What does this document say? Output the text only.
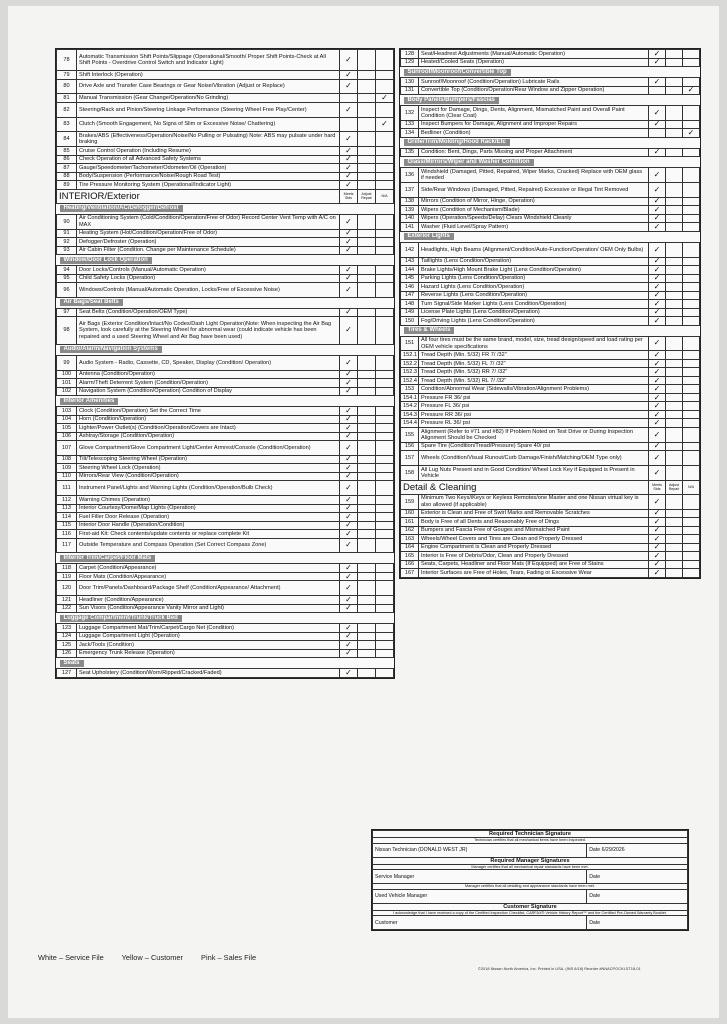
78	Automatic Transmission Shift Points/Slippage (Operational/Smooth/ Proper Shift Points-Check at All Shift Points - Overdrive Control Switch and Indicator Light)	✓		
79	Shift Interlock (Operation)	✓		
80	Drive Axle and Transfer Case Bearings or Gear Noise/Vibration (Adjust or Replace)	✓		
81	Manual Transmission (Gear Change/Operation/No Grinding)			✓
82	Steering/Rack and Pinion/Steering Linkage Performance (Steering Wheel Free Play/Center)	✓		
83	Clutch (Smooth Engagement, No Signs of Slim or Excessive Noise/ Chattering)			✓
84	Brakes/ABS (Effectiveness/Operation/Noise/No Pulling or Pulsating) Note: ABS may pulsate under hard braking	✓		
85	Cruise Control Operation (Including Resume)	✓		
86	Check Operation of all Advanced Safety Systems	✓		
87	Gauge/Speedometer/Tachometer/Odometer/Oil (Operation)	✓		
88	Body/Suspension (Performance/Noise/Rough Road Test)	✓		
89	Tire Pressure Monitoring System (Operational/Indicator Light)	✓		
INTERIOR/Exterior		Meets Stds	Adjust Repair	N/A
Heating/Ventilation/AC/Defogger/Defrost				
90	Air Conditioning System (Cold/Condition/Operation/Free of Odor) Record Center Vent Temp with A/C on MAX	✓		
91	Heating System (Hot/Condition/Operation/Free of Odor)	✓		
92	Defogger/Defroster (Operation)	✓		
93	Air Cabin Filter (Condition. Change per Maintenance Schedule)	✓		
Window/Door Lock Operation				
94	Door Locks/Controls (Manual/Automatic Operation)	✓		
95	Child Safety Locks (Operation)	✓		
96	Windows/Controls (Manual/Automatic Operation, Locks/Free of Excessive Noise)	✓		
Air Bags/Seat Belts				
97	Seat Belts (Condition/Operation/OEM Type)	✓		
98	Air Bags (Exterior Condition/Intact/No Codes/Dash Light Operation)Note: When inspecting the Air Bag System, look carefully at the Steering Wheel for abnormal wear (could indicate vehicle has been repaired and a used Steering Wheel and Air Bag have been used)	✓		
Audio/Alarm/Navigation Systems				
99	Audio System - Radio, Cassette, CD, Speaker, Display (Condition/ Operation)	✓		
100	Antenna (Condition/Operation)	✓		
101	Alarm/Theft Deterrent System (Condition/Operation)	✓		
102	Navigation System (Condition/Operation) Condition of Display	✓		
Interior Amenities				
103	Clock (Condition/Operation) Set the Correct Time	✓		
104	Horn (Condition/Operation)	✓		
105	Lighter/Power Outlet(s) (Condition/Operation/Covers are Intact)	✓		
106	Ashtray/Storage (Condition/Operation)	✓		
107	Glove Compartment/Glove Compartment Light/Center Armrest/Console (Condition/Operation)	✓		
108	Tilt/Telescoping Steering Wheel (Operation)	✓		
109	Steering Wheel Lock (Operation)	✓		
110	Mirrors/Rear View (Condition/Operation)	✓		
111	Instrument Panel/Lights and Warning Lights (Condition/Operation/Bulb Check)	✓		
112	Warning Chimes (Operation)	✓		
113	Interior Courtesy/Dome/Map Lights (Operation)	✓		
114	Fuel Filler Door Release (Operation)	✓		
115	Interior Door Handle (Operation/Condition)	✓		
116	First-aid Kit: Check contents/update contents or replace complete Kit	✓		
117	Outside Temperature and Compass Operation (Set Correct Compass Zone)	✓		
Interior Trim/Carpet/Floor Mats				
118	Carpet (Condition/Appearance)	✓		
119	Floor Mats (Condition/Appearance)	✓		
120	Door Trim/Panels/Dashboard/Package Shelf (Condition/Appearance/ Attachment)	✓		
121	Headliner (Condition/Appearance)	✓		
122	Sun Visors (Condition/Appearance Vanity Mirror and Light)	✓		
Luggage Compartment/Trunk/Truck Bed				
123	Luggage Compartment Mat/Trim/Carpet/Cargo Net (Condition)	✓		
124	Luggage Compartment Light (Operation)	✓		
125	Jack/Tools (Condition)	✓		
126	Emergency Trunk Release (Operation)	✓		
Seats				
127	Seat Upholstery (Condition/Worn/Ripped/Cracked/Faded)	✓		
128	Seat/Headrest Adjustments (Manual/Automatic Operation)	✓		
129	Heated/Cooled Seats (Operation)	✓		
Sunroof/Moonroof/Convertible Top				
130	Sunroof/Moonroof (Condition/Operation) Lubricate Rails	✓		
131	Convertible Top (Condition/Operation/Rear Window and Zipper Operation)			✓
Body Panels/Bumpers/Fascias				
132	Inspect for Damage, Dings, Dents, Alignment, Mismatched Paint and Overall Paint Condition (Clear Coat)	✓		
133	Inspect Bumpers for Damage, Alignment and Improper Repairs	✓		
134	Bedliner (Condition)			✓
Grille/Trim/Molding/Hood Rack/Etc				
135	Condition: Bent, Dings, Parts Missing and Proper Attachment	✓		
Glass/Mirrors/Wiper and Washer Condition				
136	Windshield (Damaged, Pitted, Repaired, Wiper Marks, Cracked) Replace with OEM glass if needed	✓		
137	Side/Rear Windows (Damaged, Pitted, Repaired) Excessive or Illegal Tint Removed	✓		
138	Mirrors (Condition of Mirror, Hinge, Operation)	✓		
139	Wipers (Condition of Mechanism/Blade)	✓		
140	Wipers (Operation/Speeds/Delay) Clears Windshield Cleanly	✓		
141	Washer (Fluid Level/Spray Pattern)	✓		
Exterior Lights				
142	Headlights, High Beams (Alignment/Condition/Auto-Function/Operation/ OEM Only Bulbs)	✓		
143	Taillights (Lens Condition/Operation)	✓		
144	Brake Lights/High Mount Brake Light (Lens Condition/Operation)	✓		
145	Parking Lights (Lens Condition/Operation)	✓		
146	Hazard Lights (Lens Condition/Operation)	✓		
147	Reverse Lights (Lens Condition/Operation)	✓		
148	Turn Signal/Side Marker Lights (Lens Condition/Operation)	✓		
149	License Plate Lights (Lens Condition/Operation)	✓		
150	Fog/Driving Lights (Lens Condition/Operation)	✓		
Tires & Wheels				
151	All four tires must be the same brand, model, size, tread design/speed and load rating per OEM vehicle specifications	✓		
152.1	Tread Depth (Min. 5/32) FR 7/ /32"	✓		
152.2	Tread Depth (Min. 5/32) FL 7/ /32"	✓		
152.3	Tread Depth (Min. 5/32) RR 7/ /32"	✓		
152.4	Tread Depth (Min. 5/32) RL 7/ /32"	✓		
153	Condition/Abnormal Wear (Sidewalls/Vibration/Alignment Problems)	✓		
154.1	Pressure FR 36/ psi	✓		
154.2	Pressure FL 36/ psi	✓		
154.3	Pressure RR 36/ psi	✓		
154.4	Pressure RL 36/ psi	✓		
155	Alignment (Refer to #71 and #82) If Problem Noted on Test Drive or During Inspection Alignment Should be Checked	✓		
156	Spare Tire (Condition/Tread/Pressure) Spare 40/ psi	✓		
157	Wheels (Condition/Visual Runout/Curb Damage/Finish/Matching/OEM Type only)	✓		
158	All Lug Nuts Present and in Good Condition/ Wheel Lock Key if Equipped is Present in Vehicle	✓		
Detail & Cleaning		Meets Stds	Adjust Repair	N/A
159	Minimum Two Keys/iKeys or Keyless Remotes/one Master and one Nissan virtual key is also allowed (if applicable)	✓		
160	Exterior is Clean and Free of Swirl Marks and Removable Scratches	✓		
161	Body is Free of all Dents and Reasonably Free of Dings	✓		
162	Bumpers and Fascia Free of Gouges and Mismatched Paint	✓		
163	Wheels/Wheel Covers and Tires are Clean and Properly Dressed	✓		
164	Engine Compartment is Clean and Properly Dressed	✓		
165	Interior is Free of Debris/Odor, Clean and Properly Dressed	✓		
166	Seats, Carpets, Headliner and Floor Mats (If Equipped) are Free of Stains	✓		
167	Interior Surfaces are Free of Holes, Tears, Fading or Excessive Wear	✓		
Required Technician Signature	
Technician certifies that all mechanical items have been inspected.	
Nissan Technician (DONALD WEST JR)	Date 6/29/2026
Required Manager Signatures	
Manager certifies that all mechanical repair standards have been met.	
Service Manager	Date
Manager certifies that all detailing and appearance standards have been met.	
Used Vehicle Manager	Date
Customer Signature	
I acknowledge that I have received a copy of the Certified Inspection Checklist, CARFAX® Vehicle History Report™ and the Certified Pre-Owned Warranty Booklet.	
Customer	Date
White – Service File Yellow – Customer Pink – Sales File
©2018 Nissan North America, Inc. Printed in USA. (INS 6/18) Reorder #NNACPOCKLST18-01
